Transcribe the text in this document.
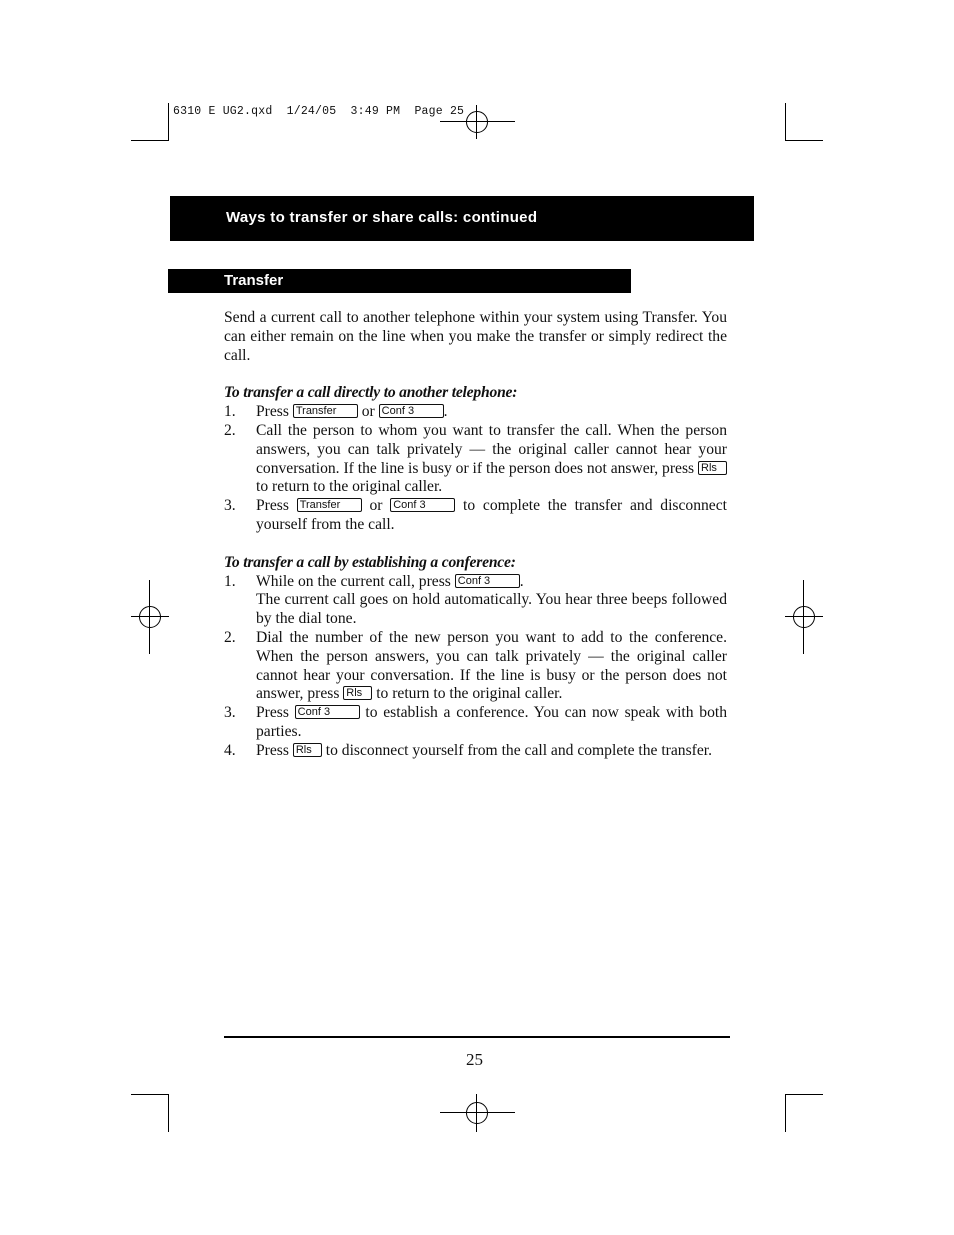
6310 E UG2.qxd  1/24/05  3:49 PM  Page 25
Ways to transfer or share calls: continued
Transfer

Send a current call to another telephone within your system using Transfer. You can either remain on the line when you make the transfer or simply redirect the call.

To transfer a call directly to another telephone:

1. Press Transfer or Conf 3 .
2. Call the person to whom you want to transfer the call. When the person answers, you can talk privately — the original caller cannot hear your conversation. If the line is busy or if the person does not answer, press Rls to return to the original caller.
3. Press Transfer or Conf 3 to complete the transfer and disconnect yourself from the call.

To transfer a call by establishing a conference:

1. While on the current call, press Conf 3 .
The current call goes on hold automatically. You hear three beeps followed by the dial tone.
2. Dial the number of the new person you want to add to the conference. When the person answers, you can talk privately — the original caller cannot hear your conversation. If the line is busy or the person does not answer, press Rls to return to the original caller.
3. Press Conf 3 to establish a conference. You can now speak with both parties.
4. Press Rls to disconnect yourself from the call and complete the transfer.
25
